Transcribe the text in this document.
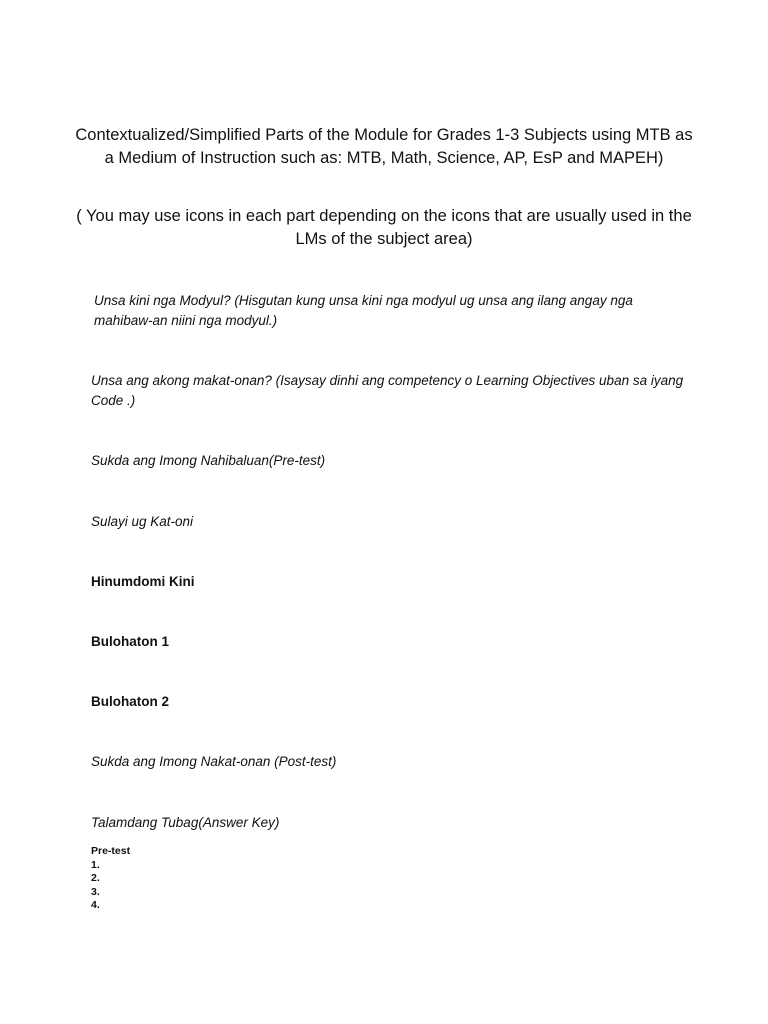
Contextualized/Simplified Parts of the Module for Grades 1-3 Subjects using MTB as a Medium of Instruction such as: MTB, Math, Science, AP, EsP and MAPEH)
( You may use icons in each part depending on the icons that are usually used in the LMs of the subject area)
Unsa kini nga Modyul? (Hisgutan kung unsa kini nga modyul ug unsa ang ilang angay nga mahibaw-an niini nga modyul.)
Unsa ang akong makat-onan? (Isaysay dinhi ang competency o Learning Objectives uban sa iyang Code .)
Sukda ang Imong Nahibaluan(Pre-test)
Sulayi ug Kat-oni
Hinumdomi Kini
Bulohaton 1
Bulohaton 2
Sukda ang Imong Nakat-onan (Post-test)
Talamdang Tubag(Answer Key)
Pre-test
1.
2.
3.
4.
